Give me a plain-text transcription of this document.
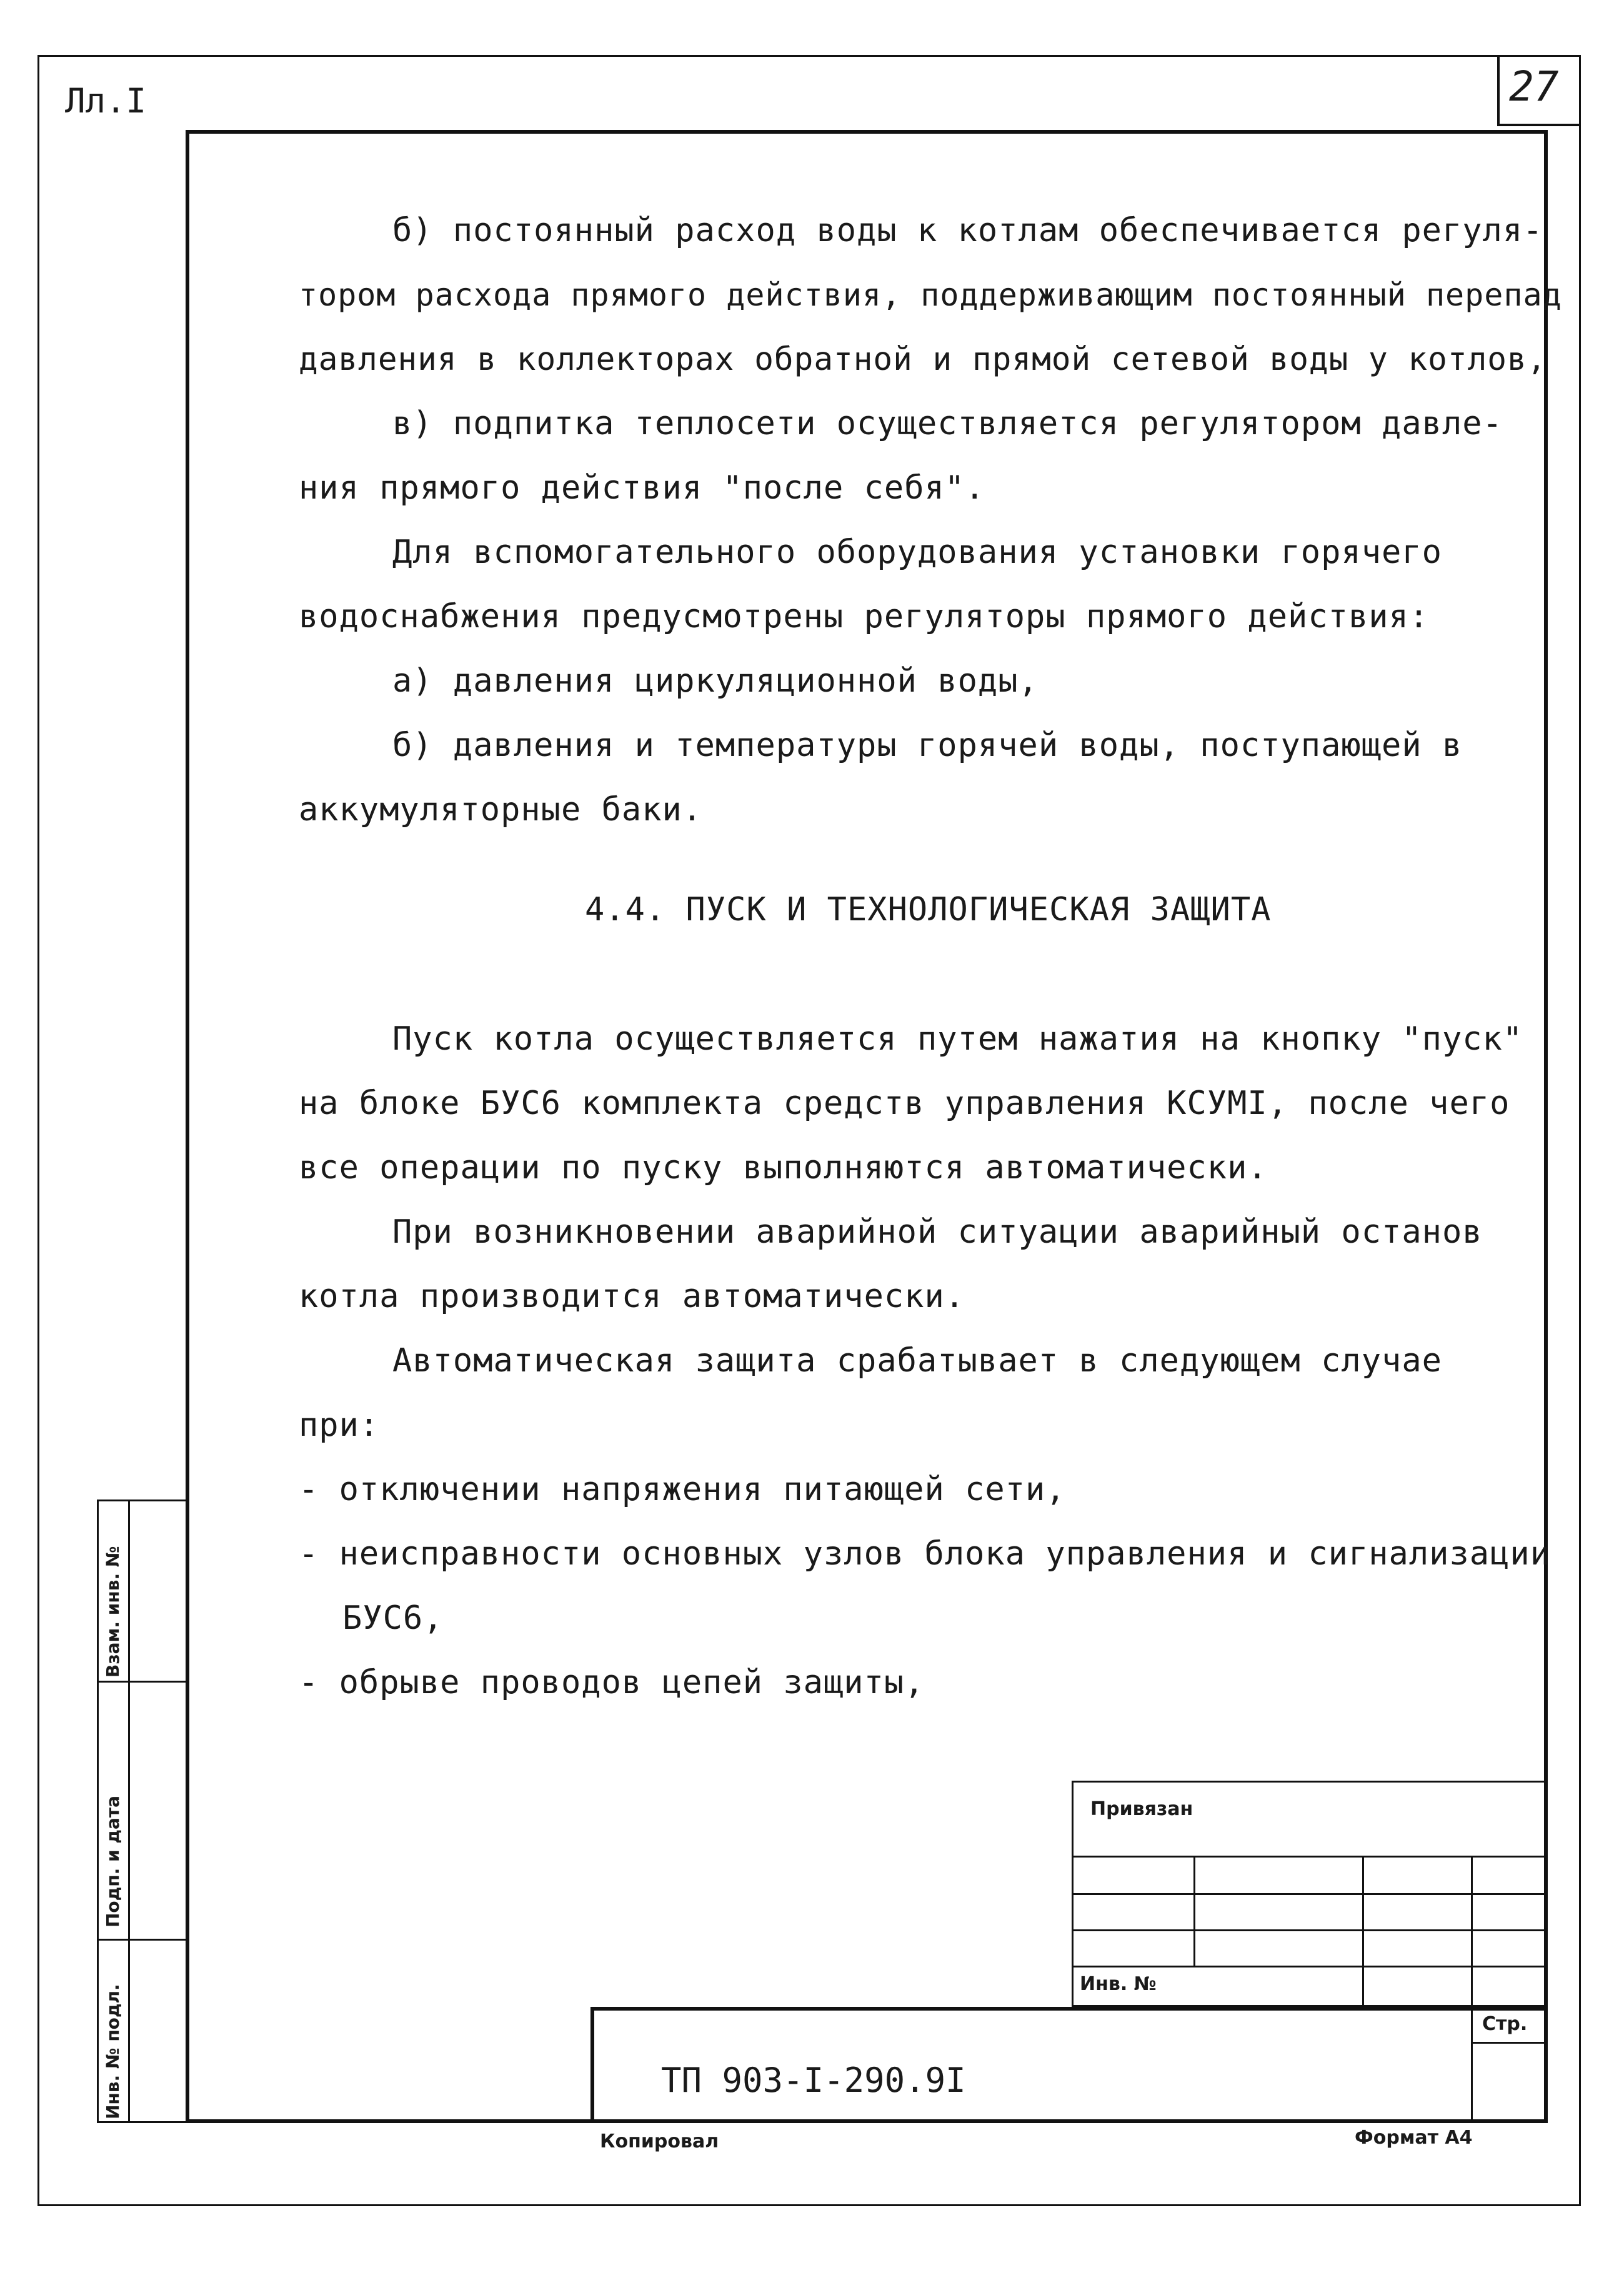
Лл.I	27
б) постоянный расход воды к котлам обеспечивается регуля-
тором расхода прямого действия, поддерживающим постоянный перепад
давления в коллекторах обратной и прямой сетевой воды у котлов,
в) подпитка теплосети осуществляется регулятором давле-
ния прямого действия "после себя".
Для вспомогательного оборудования установки горячего
водоснабжения предусмотрены регуляторы прямого действия:
а) давления циркуляционной воды,
б) давления и температуры горячей воды, поступающей в
аккумуляторные баки.
4.4. ПУСК И ТЕХНОЛОГИЧЕСКАЯ ЗАЩИТА
Пуск котла осуществляется путем нажатия на кнопку "пуск"
на блоке БУС6 комплекта средств управления КСУМI, после чего
все операции по пуску выполняются автоматически.
При возникновении аварийной ситуации аварийный останов
котла производится автоматически.
Автоматическая защита срабатывает в следующем случае
при:
- отключении напряжения питающей сети,
- неисправности основных узлов блока управления и сигнализации
БУС6,
- обрыве проводов цепей защиты,
Взам. инв. №
Подп. и дата
Инв. № подл.
Привязан
Инв. №
Стр.
ТП 903-I-290.9I
Копировал	Формат А4
